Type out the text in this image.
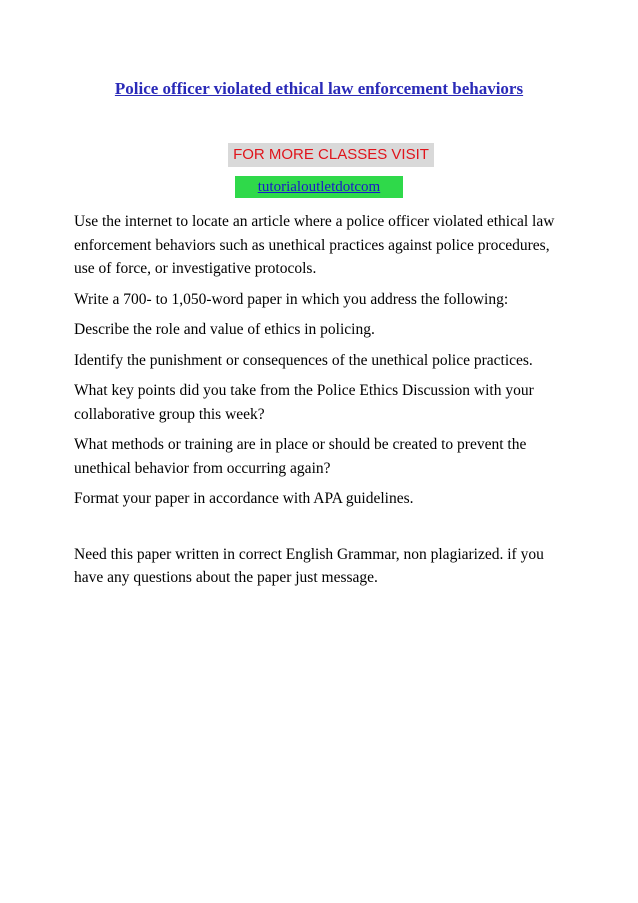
Police officer violated ethical law enforcement behaviors
FOR MORE CLASSES VISIT
tutorialoutletdotcom

Use the internet to locate an article where a police officer violated ethical law enforcement behaviors such as unethical practices against police procedures, use of force, or investigative protocols.

Write a 700- to 1,050-word paper in which you address the following:

Describe the role and value of ethics in policing.

Identify the punishment or consequences of the unethical police practices.

What key points did you take from the Police Ethics Discussion with your collaborative group this week?

What methods or training are in place or should be created to prevent the unethical behavior from occurring again?

Format your paper in accordance with APA guidelines.

Need this paper written in correct English Grammar, non plagiarized. if you have any questions about the paper just message.
